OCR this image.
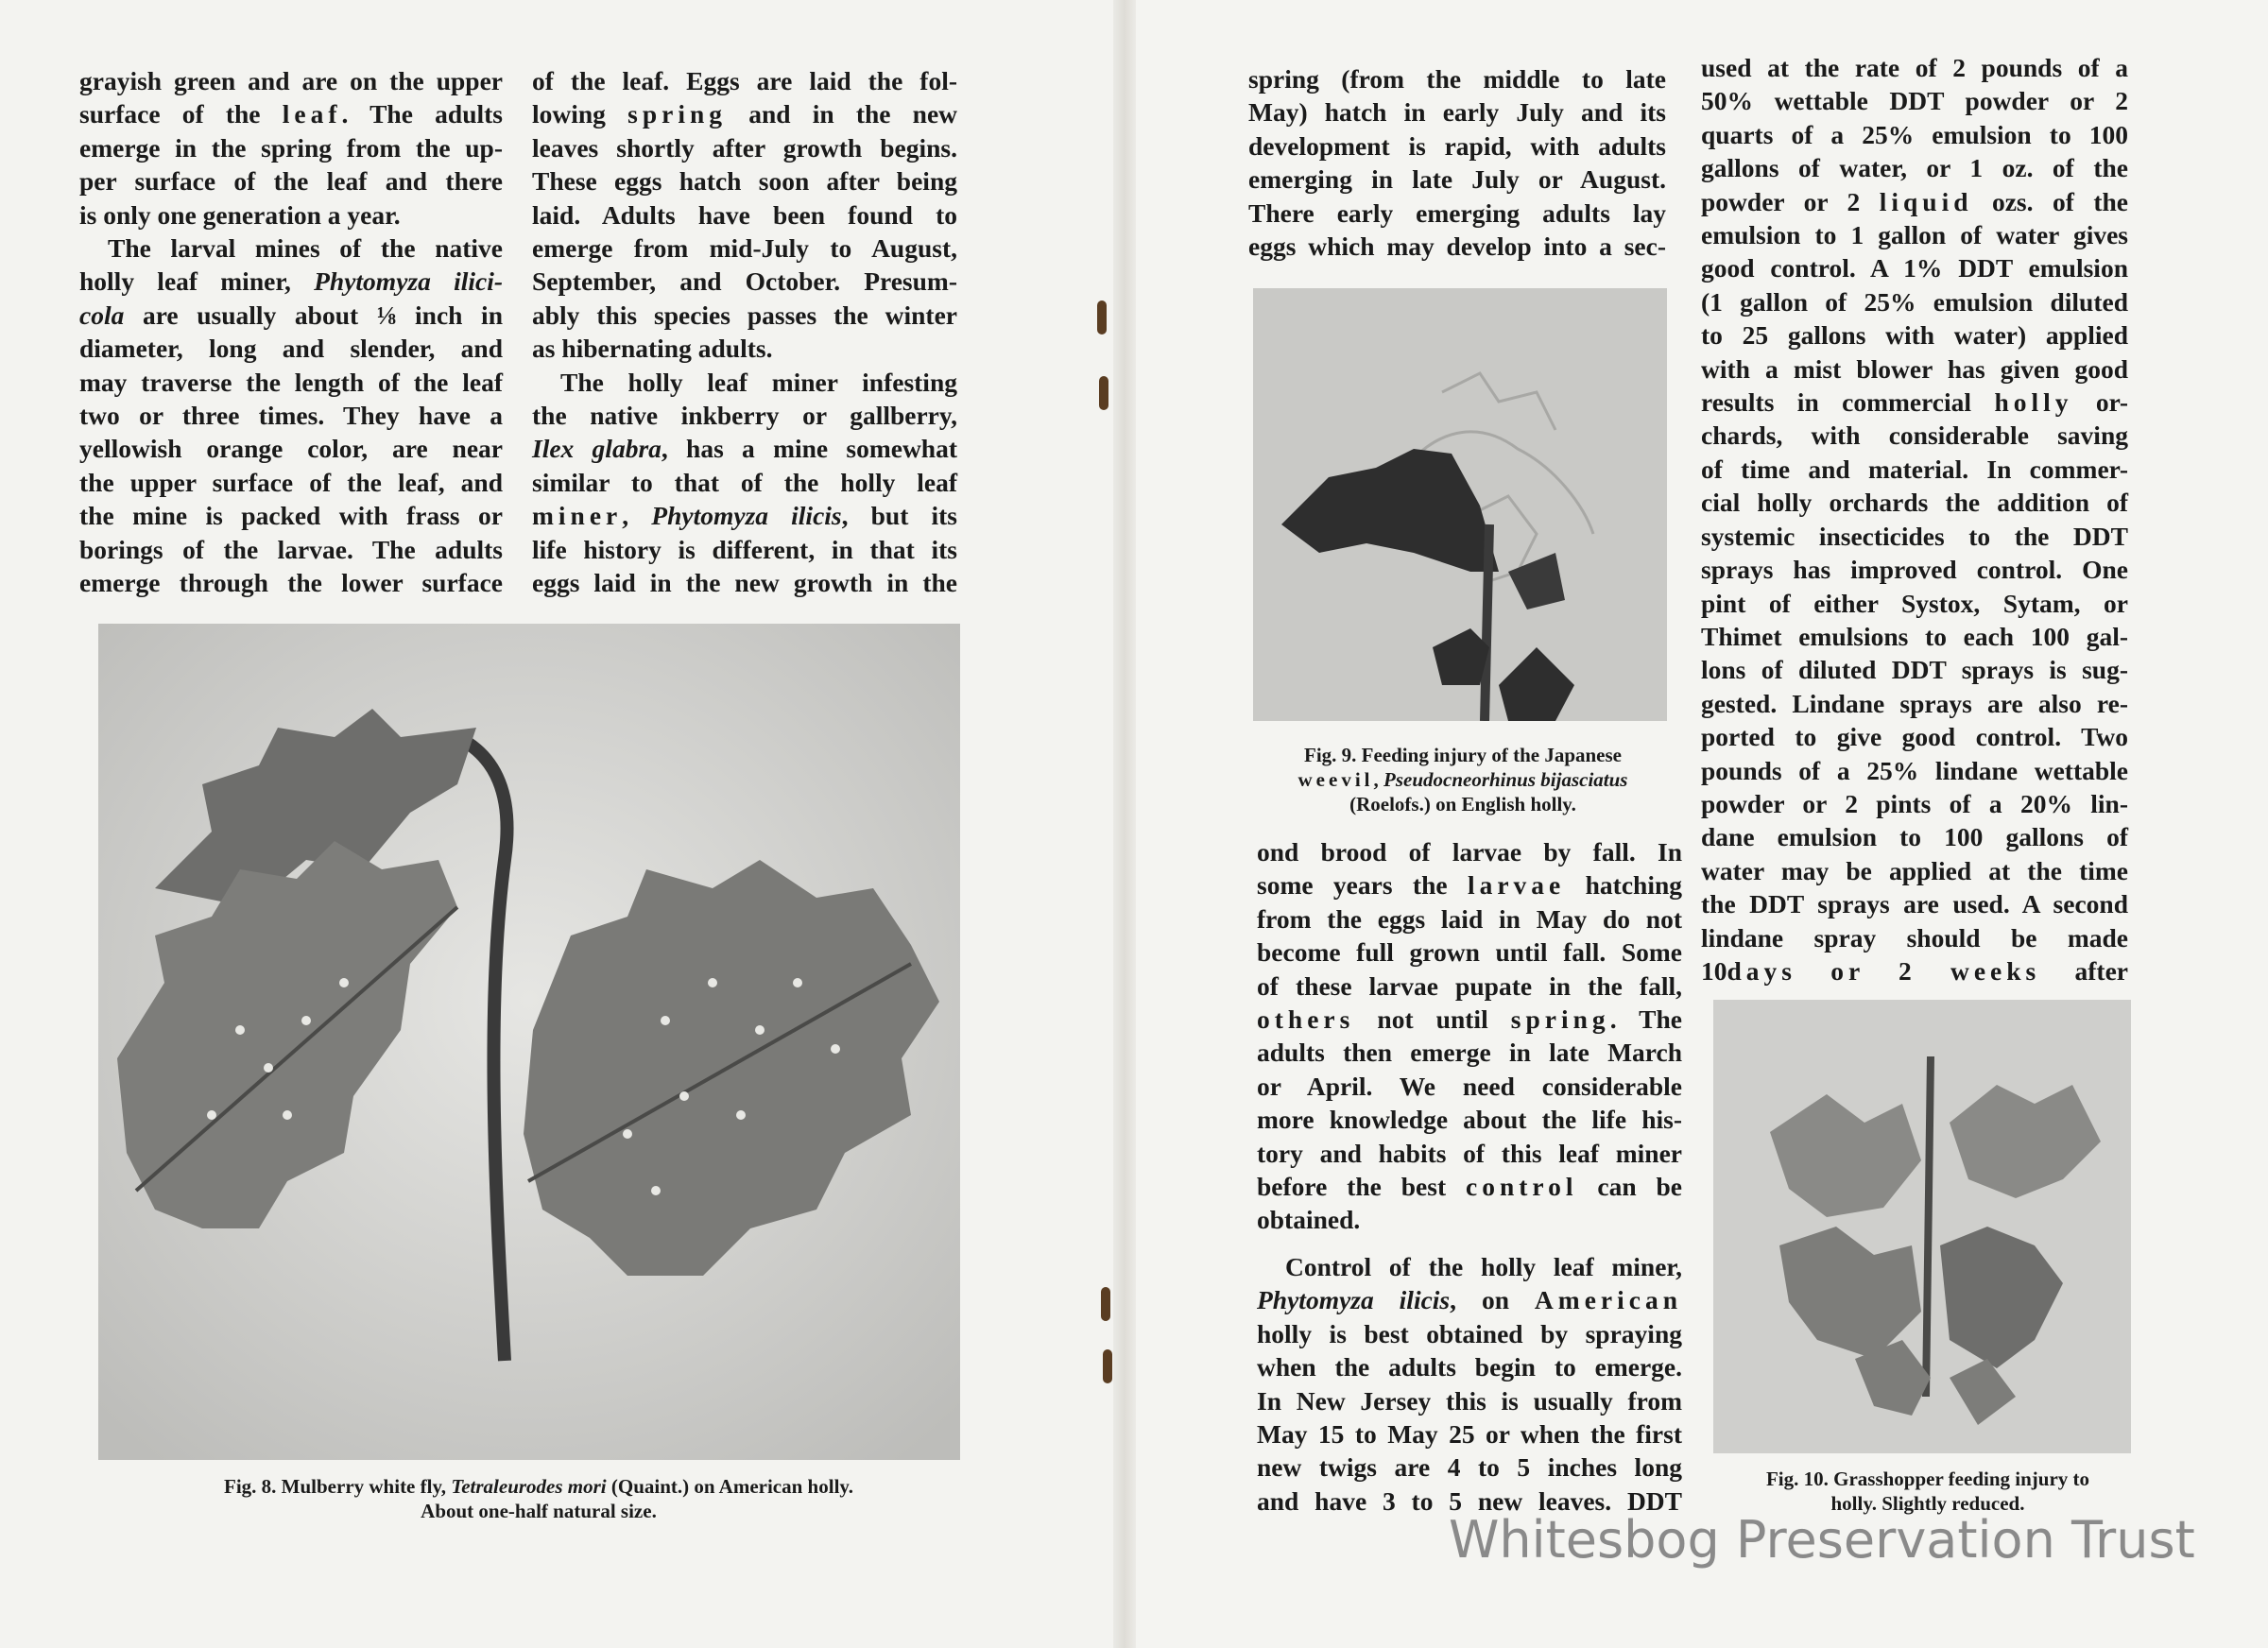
grayish green and are on the upper
surface of the leaf. The adults
emerge in the spring from the up-
per surface of the leaf and there

is only one generation a year.

The larval mines of the native
holly leaf miner, Phytomyza ilici-
cola are usually about ⅛ inch in
diameter, long and slender, and
may traverse the length of the leaf
two or three times. They have a
yellowish orange color, are near
the upper surface of the leaf, and
the mine is packed with frass or
borings of the larvae. The adults
emerge through the lower surface

of the leaf. Eggs are laid the fol-
lowing spring and in the new
leaves shortly after growth begins.
These eggs hatch soon after being
laid. Adults have been found to
emerge from mid-July to August,
September, and October. Presum-
ably this species passes the winter

as hibernating adults.

The holly leaf miner infesting
the native inkberry or gallberry,
Ilex glabra, has a mine somewhat
similar to that of the holly leaf
miner, Phytomyza ilicis, but its
life history is different, in that its
eggs laid in the new growth in the

Fig. 8. Mulberry white fly, Tetraleurodes mori (Quaint.) on American holly.
About one-half natural size.

spring (from the middle to late
May) hatch in early July and its
development is rapid, with adults
emerging in late July or August.
There early emerging adults lay
eggs which may develop into a sec-

Fig. 9. Feeding injury of the Japanese
weevil, Pseudocneorhinus bijasciatus
(Roelofs.) on English holly.

ond brood of larvae by fall. In
some years the larvae hatching
from the eggs laid in May do not
become full grown until fall. Some
of these larvae pupate in the fall,
others not until spring. The
adults then emerge in late March
or April. We need considerable
more knowledge about the life his-
tory and habits of this leaf miner
before the best control can be

obtained.

Control of the holly leaf miner,
Phytomyza ilicis, on American
holly is best obtained by spraying
when the adults begin to emerge.
In New Jersey this is usually from
May 15 to May 25 or when the first
new twigs are 4 to 5 inches long
and have 3 to 5 new leaves. DDT

used at the rate of 2 pounds of a
50% wettable DDT powder or 2
quarts of a 25% emulsion to 100
gallons of water, or 1 oz. of the
powder or 2 liquid ozs. of the
emulsion to 1 gallon of water gives
good control. A 1% DDT emulsion
(1 gallon of 25% emulsion diluted
to 25 gallons with water) applied
with a mist blower has given good
results in commercial holly or-
chards, with considerable saving
of time and material. In commer-
cial holly orchards the addition of
systemic insecticides to the DDT
sprays has improved control. One
pint of either Systox, Sytam, or
Thimet emulsions to each 100 gal-
lons of diluted DDT sprays is sug-
gested. Lindane sprays are also re-
ported to give good control. Two
pounds of a 25% lindane wettable
powder or 2 pints of a 20% lin-
dane emulsion to 100 gallons of
water may be applied at the time
the DDT sprays are used. A second
lindane spray should be made 10days or 2 weeks after

Fig. 10. Grasshopper feeding injury to
holly. Slightly reduced.
Whitesbog Preservation Trust
